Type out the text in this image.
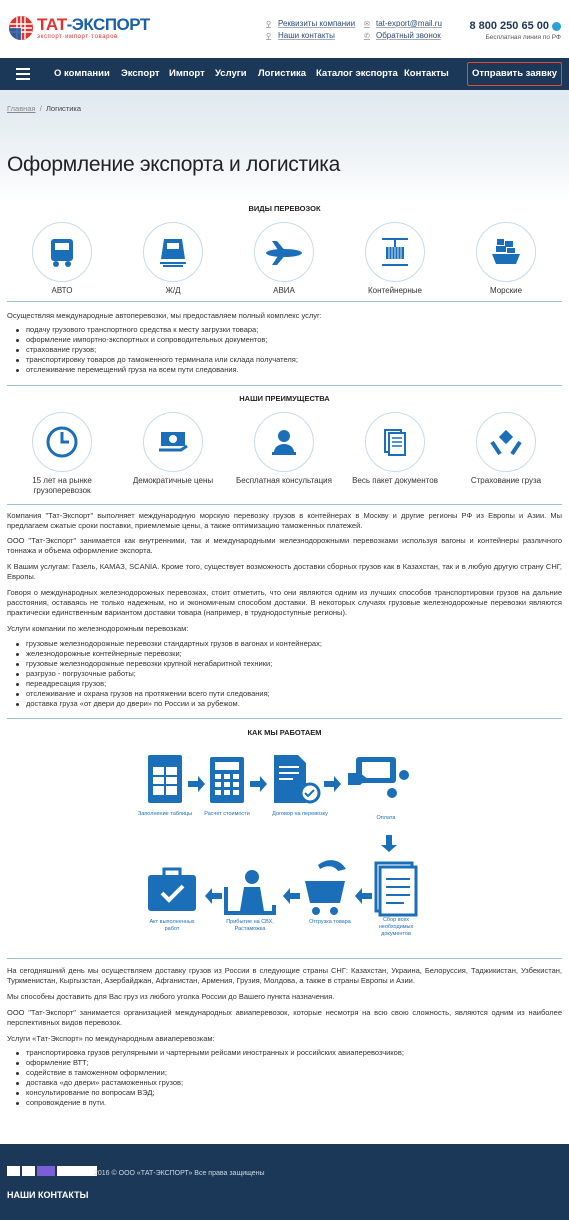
ТАТ-ЭКСПОРТ
экспорт·импорт·товаров
⚲ Реквизиты компании
⚲ Наши контакты
✉ tat-export@mail.ru
✆ Обратный звонок
8 800 250 65 00
Бесплатная линия по РФ
О компании Экспорт Импорт Услуги Логистика Каталог экспорта Контакты	Отправить заявку
Главная / Логистика
Оформление экспорта и логистика
ВИДЫ ПЕРЕВОЗОК
АВТО	Ж/Д	АВИА	Контейнерные	Морские
Осуществляя международные автоперевозки, мы предоставляем полный комплекс услуг:
подачу грузового транспортного средства к месту загрузки товара;
оформление импортно-экспортных и сопроводительных документов;
страхование грузов;
транспортировку товаров до таможенного терминала или склада получателя;
отслеживание перемещений груза на всем пути следования.
НАШИ ПРЕИМУЩЕСТВА
15 лет на рынке грузоперевозок
Демократичные цены	Бесплатная консультация	Весь пакет документов	Страхование груза
Компания "Тат-Экспорт" выполняет международную морскую перевозку грузов в контейнерах в Москву и другие регионы РФ из Европы и Азии. Мы предлагаем сжатые сроки поставки, приемлемые цены, а также оптимизацию таможенных платежей.
ООО "Тат-Экспорт" занимается как внутренними, так и международными железнодорожными перевозками используя вагоны и контейнеры различного тоннажа и объема оформление экспорта.
К Вашим услугам: Газель, КАМАЗ, SCANIA. Кроме того, существует возможность доставки сборных грузов как в Казахстан, так и в любую другую страну СНГ, Европы.
Говоря о международных железнодорожных перевозках, стоит отметить, что они являются одним из лучших способов транспортировки грузов на дальние расстояния, оставаясь не только надежным, но и экономичным способом доставки. В некоторых случаях грузовые железнодорожные перевозки являются практически единственным вариантом доставки товара (например, в труднодоступные регионы).
Услуги компании по железнодорожным перевозкам:
грузовые железнодорожные перевозки стандартных грузов в вагонах и контейнерах;
железнодорожные контейнерные перевозки;
грузовые железнодорожные перевозки крупной негабаритной техники;
разгрузо - погрузочные работы;
переадресация грузов;
отслеживание и охрана грузов на протяжении всего пути следования;
доставка груза «от двери до двери» по России и за рубежом.
КАК МЫ РАБОТАЕМ
Заполнение таблицы	Расчет стоимости	Договор на перевозку
Оплата
Сбор всех необходимых документов
Отгрузка товара
Прибытие на СВХ, Растаможка
Акт выполненных работ
На сегодняшний день мы осуществляем доставку грузов из России в следующие страны СНГ: Казахстан, Украина, Белоруссия, Таджикистан, Узбекистан, Туркменистан, Кыргызстан, Азербайджан, Афганистан, Армения, Грузия, Молдова, а также в страны Европы и Азии.
Мы способны доставить для Вас груз из любого уголка России до Вашего пункта назначения.
ООО "Тат-Экспорт" занимается организацией международных авиаперевозок, которые несмотря на всю свою сложность, являются одним из наиболее перспективных видов перевозок.
Услуги «Тат-Экспорт» по международным авиаперевозкам:
транспортировка грузов регулярными и чартерными рейсами иностранных и российских авиаперевозчиков;
оформление ВТТ;
содействие в таможенном оформлении;
доставка «до двери» растаможенных грузов;
консультирование по вопросам ВЭД;
сопровождение в пути.
2016 © ООО «ТАТ-ЭКСПОРТ» Все права защищены
НАШИ КОНТАКТЫ
